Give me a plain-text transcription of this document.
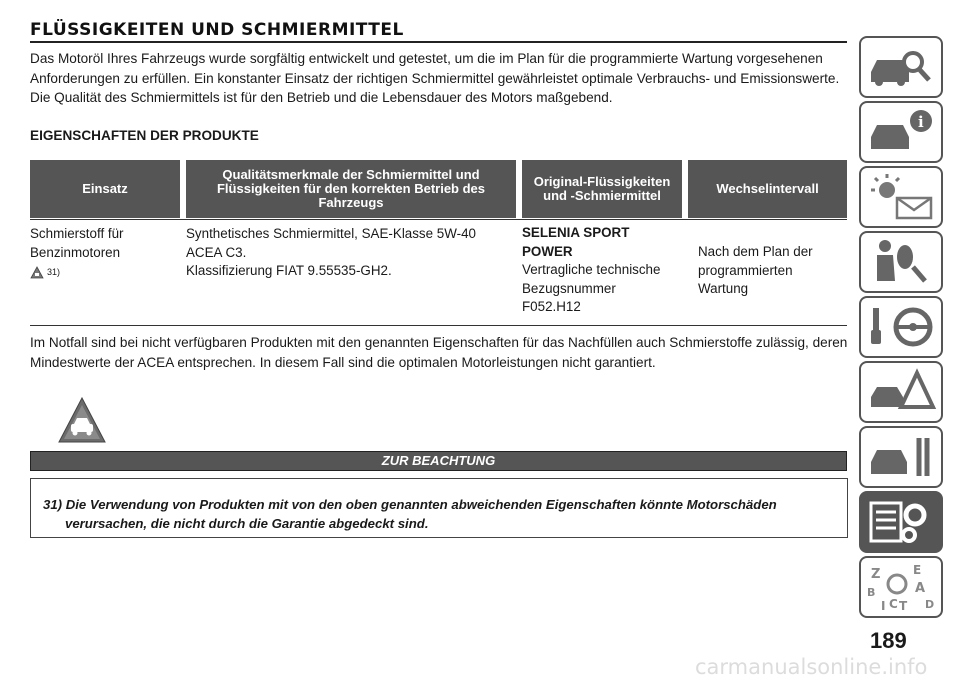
FLÜSSIGKEITEN UND SCHMIERMITTEL

Das Motoröl Ihres Fahrzeugs wurde sorgfältig entwickelt und getestet, um die im Plan für die programmierte Wartung vorgesehenen Anforderungen zu erfüllen. Ein konstanter Einsatz der richtigen Schmiermittel gewährleistet optimale Verbrauchs- und Emissionswerte. Die Qualität des Schmiermittels ist für den Betrieb und die Lebensdauer des Motors maßgebend.

EIGENSCHAFTEN DER PRODUKTE
Einsatz
Qualitätsmerkmale der Schmiermittel und Flüssigkeiten für den korrekten Betrieb des Fahrzeugs
Original-Flüssigkeiten und -Schmiermittel	Wechselintervall
Schmierstoff für
Benzinmotoren
31)
Synthetisches Schmiermittel, SAE-Klasse 5W-40
ACEA C3.
Klassifizierung FIAT 9.55535-GH2.
SELENIA SPORT
POWER
Vertragliche technische
Bezugsnummer
F052.H12
Nach dem Plan der
programmierten
Wartung

Im Notfall sind bei nicht verfügbaren Produkten mit den genannten Eigenschaften für das Nachfüllen auch Schmierstoffe zulässig, deren Mindestwerte der ACEA entsprechen. In diesem Fall sind die optimalen Motorleistungen nicht garantiert.

ZUR BEACHTUNG

31) Die Verwendung von Produkten mit von den oben genannten abweichenden Eigenschaften könnte Motorschäden verursachen, die nicht durch die Garantie abgedeckt sind.

i
Z	E
A
B
D
I C T
189
carmanualsonline.info
